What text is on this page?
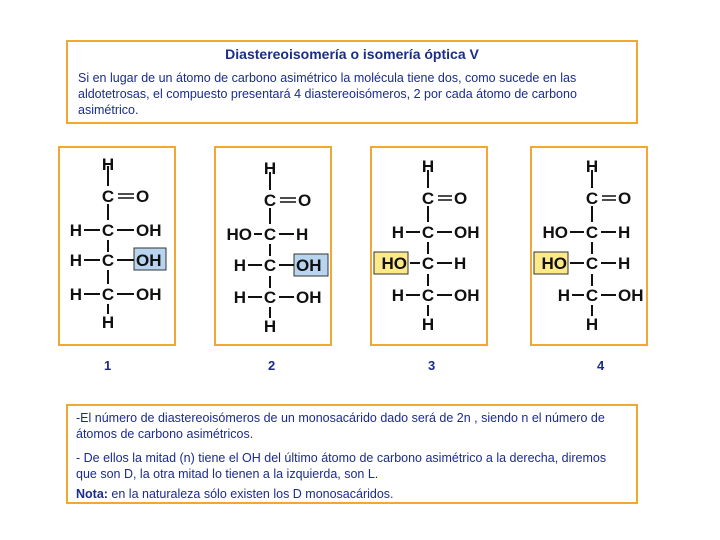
Diastereoisomería o isomería óptica V
Si en lugar de un átomo de carbono asimétrico la molécula tiene dos, como sucede en las aldotetrosas, el compuesto presentará 4 diastereoisómeros, 2 por cada átomo de carbono asimétrico.
H
C O
H C OH
H C OH
H C OH
H
H
C O
HO C H
H C OH
H C OH
H
H
C O
H C OH
HO C H
H C OH
H
H
C O
HO C H
HO C H
H C OH
H
1	2	3	4
-El número de diastereoisómeros de un monosacárido dado será de 2n , siendo n el número de átomos de carbono asimétricos.
- De ellos la mitad (n) tiene el OH del último átomo de carbono asimétrico a la derecha, diremos que son D, la otra mitad lo tienen a la izquierda, son L.
Nota: en la naturaleza sólo existen los D monosacáridos.
